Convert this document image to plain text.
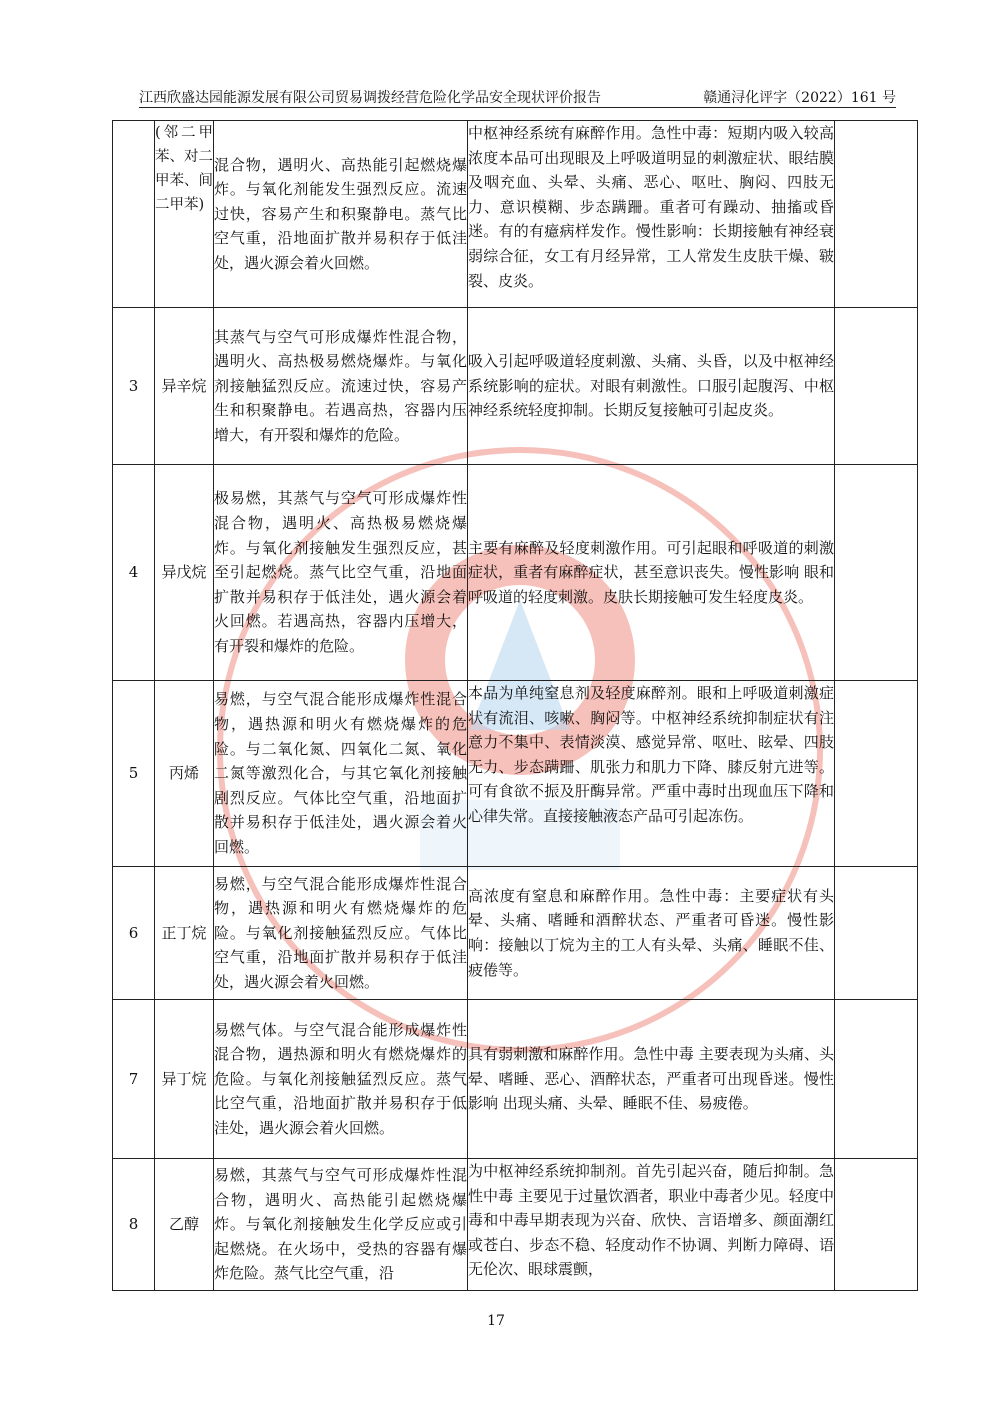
江西欣盛达园能源发展有限公司贸易调拨经营危险化学品安全现状评价报告	赣通浔化评字（2022）161 号
	(邻二甲苯、对二甲苯、间二甲苯)	混合物，遇明火、高热能引起燃烧爆炸。与氧化剂能发生强烈反应。流速过快，容易产生和积聚静电。蒸气比空气重，沿地面扩散并易积存于低洼处，遇火源会着火回燃。	中枢神经系统有麻醉作用。急性中毒：短期内吸入较高浓度本品可出现眼及上呼吸道明显的刺激症状、眼结膜及咽充血、头晕、头痛、恶心、呕吐、胸闷、四肢无力、意识模糊、步态蹒跚。重者可有躁动、抽搐或昏迷。有的有癔病样发作。慢性影响：长期接触有神经衰弱综合征，女工有月经异常，工人常发生皮肤干燥、皲裂、皮炎。	
3	异辛烷	其蒸气与空气可形成爆炸性混合物，遇明火、高热极易燃烧爆炸。与氧化剂接触猛烈反应。流速过快，容易产生和积聚静电。若遇高热，容器内压增大，有开裂和爆炸的危险。	吸入引起呼吸道轻度刺激、头痛、头昏，以及中枢神经系统影响的症状。对眼有刺激性。口服引起腹泻、中枢神经系统轻度抑制。长期反复接触可引起皮炎。	
4	异戊烷	极易燃，其蒸气与空气可形成爆炸性混合物，遇明火、高热极易燃烧爆炸。与氧化剂接触发生强烈反应，甚至引起燃烧。蒸气比空气重，沿地面扩散并易积存于低洼处，遇火源会着火回燃。若遇高热，容器内压增大，有开裂和爆炸的危险。	主要有麻醉及轻度刺激作用。可引起眼和呼吸道的刺激症状，重者有麻醉症状，甚至意识丧失。慢性影响 眼和呼吸道的轻度刺激。皮肤长期接触可发生轻度皮炎。	
5	丙烯	易燃，与空气混合能形成爆炸性混合物，遇热源和明火有燃烧爆炸的危险。与二氧化氮、四氧化二氮、氧化二氮等激烈化合，与其它氧化剂接触剧烈反应。气体比空气重，沿地面扩散并易积存于低洼处，遇火源会着火回燃。	本品为单纯窒息剂及轻度麻醉剂。眼和上呼吸道刺激症状有流泪、咳嗽、胸闷等。中枢神经系统抑制症状有注意力不集中、表情淡漠、感觉异常、呕吐、眩晕、四肢无力、步态蹒跚、肌张力和肌力下降、膝反射亢进等。可有食欲不振及肝酶异常。严重中毒时出现血压下降和心律失常。直接接触液态产品可引起冻伤。	
6	正丁烷	易燃，与空气混合能形成爆炸性混合物，遇热源和明火有燃烧爆炸的危险。与氧化剂接触猛烈反应。气体比空气重，沿地面扩散并易积存于低洼处，遇火源会着火回燃。	高浓度有窒息和麻醉作用。急性中毒：主要症状有头晕、头痛、嗜睡和酒醉状态、严重者可昏迷。慢性影响：接触以丁烷为主的工人有头晕、头痛、睡眠不佳、疲倦等。	
7	异丁烷	易燃气体。与空气混合能形成爆炸性混合物，遇热源和明火有燃烧爆炸的危险。与氧化剂接触猛烈反应。蒸气比空气重，沿地面扩散并易积存于低洼处，遇火源会着火回燃。	具有弱刺激和麻醉作用。急性中毒 主要表现为头痛、头晕、嗜睡、恶心、酒醉状态，严重者可出现昏迷。慢性影响 出现头痛、头晕、睡眠不佳、易疲倦。	
8	乙醇	易燃，其蒸气与空气可形成爆炸性混合物，遇明火、高热能引起燃烧爆炸。与氧化剂接触发生化学反应或引起燃烧。在火场中，受热的容器有爆炸危险。蒸气比空气重，沿	为中枢神经系统抑制剂。首先引起兴奋，随后抑制。急性中毒 主要见于过量饮酒者，职业中毒者少见。轻度中毒和中毒早期表现为兴奋、欣快、言语增多、颜面潮红或苍白、步态不稳、轻度动作不协调、判断力障碍、语无伦次、眼球震颤，	
17
